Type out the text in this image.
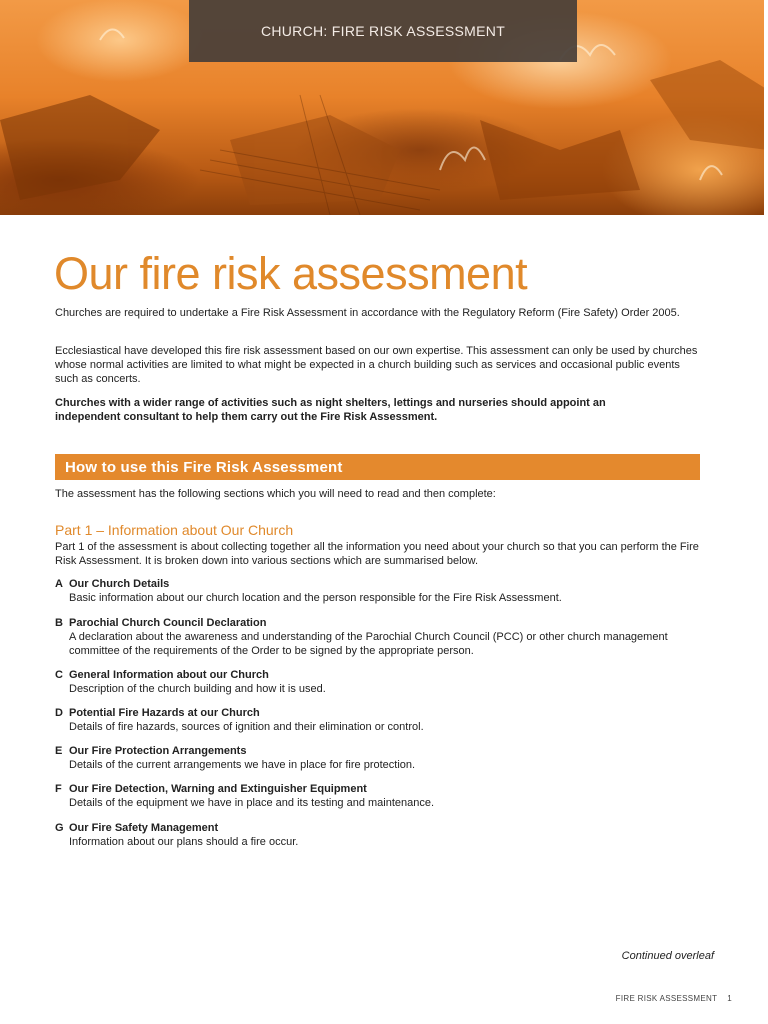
CHURCH: FIRE RISK ASSESSMENT
Our fire risk assessment
Churches are required to undertake a Fire Risk Assessment in accordance with the Regulatory Reform (Fire Safety) Order 2005.
Ecclesiastical have developed this fire risk assessment based on our own expertise. This assessment can only be used by churches whose normal activities are limited to what might be expected in a church building such as services and occasional public events such as concerts.
Churches with a wider range of activities such as night shelters, lettings and nurseries should appoint an independent consultant to help them carry out the Fire Risk Assessment.
How to use this Fire Risk Assessment
The assessment has the following sections which you will need to read and then complete:
Part 1 – Information about Our Church
Part 1 of the assessment is about collecting together all the information you need about your church so that you can perform the Fire Risk Assessment. It is broken down into various sections which are summarised below.
A Our Church Details
Basic information about our church location and the person responsible for the Fire Risk Assessment.
B Parochial Church Council Declaration
A declaration about the awareness and understanding of the Parochial Church Council (PCC) or other church management committee of the requirements of the Order to be signed by the appropriate person.
C General Information about our Church
Description of the church building and how it is used.
D Potential Fire Hazards at our Church
Details of fire hazards, sources of ignition and their elimination or control.
E Our Fire Protection Arrangements
Details of the current arrangements we have in place for fire protection.
F Our Fire Detection, Warning and Extinguisher Equipment
Details of the equipment we have in place and its testing and maintenance.
G Our Fire Safety Management
Information about our plans should a fire occur.
Continued overleaf
FIRE RISK ASSESSMENT 1
